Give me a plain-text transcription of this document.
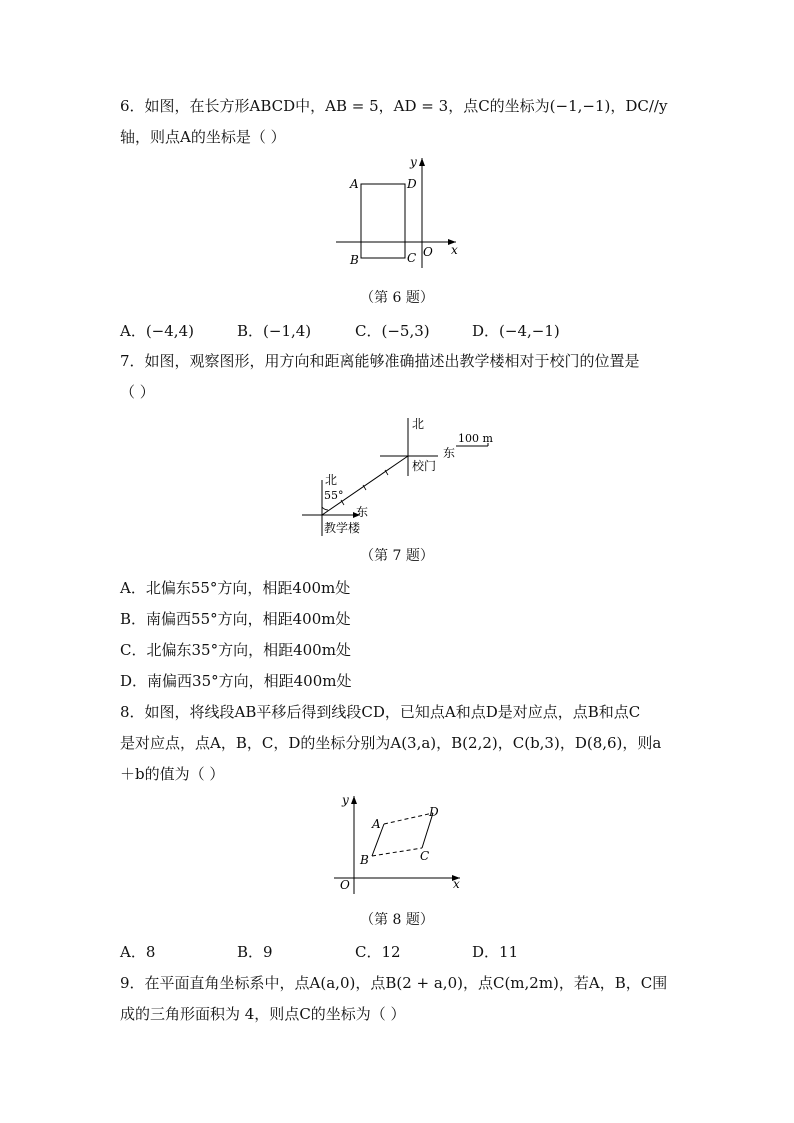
6．如图，在长方形ABCD中，AB = 5，AD = 3，点C的坐标为(−1,−1)，DC//y
轴，则点A的坐标是（ ）
A	D
B	C O x
y
（第 6 题）
A．(−4,4)	B．(−1,4)	C．(−5,3)	D．(−4,−1)
7．如图，观察图形，用方向和距离能够准确描述出教学楼相对于校门的位置是
（ ）
北
东
校门
100 m
北
55°
东
教学楼
（第 7 题）
A．北偏东55°方向，相距400m处
B．南偏西55°方向，相距400m处
C．北偏东35°方向，相距400m处
D．南偏西35°方向，相距400m处
8．如图，将线段AB平移后得到线段CD，已知点A和点D是对应点，点B和点C
是对应点，点A，B，C，D的坐标分别为A(3,a)，B(2,2)，C(b,3)，D(8,6)，则a
＋b的值为（ ）
A
B	C
D
O	x
y
（第 8 题）
A．8	B．9	C．12	D．11
9．在平面直角坐标系中，点A(a,0)，点B(2 + a,0)，点C(m,2m)，若A，B，C围
成的三角形面积为 4，则点C的坐标为（ ）
